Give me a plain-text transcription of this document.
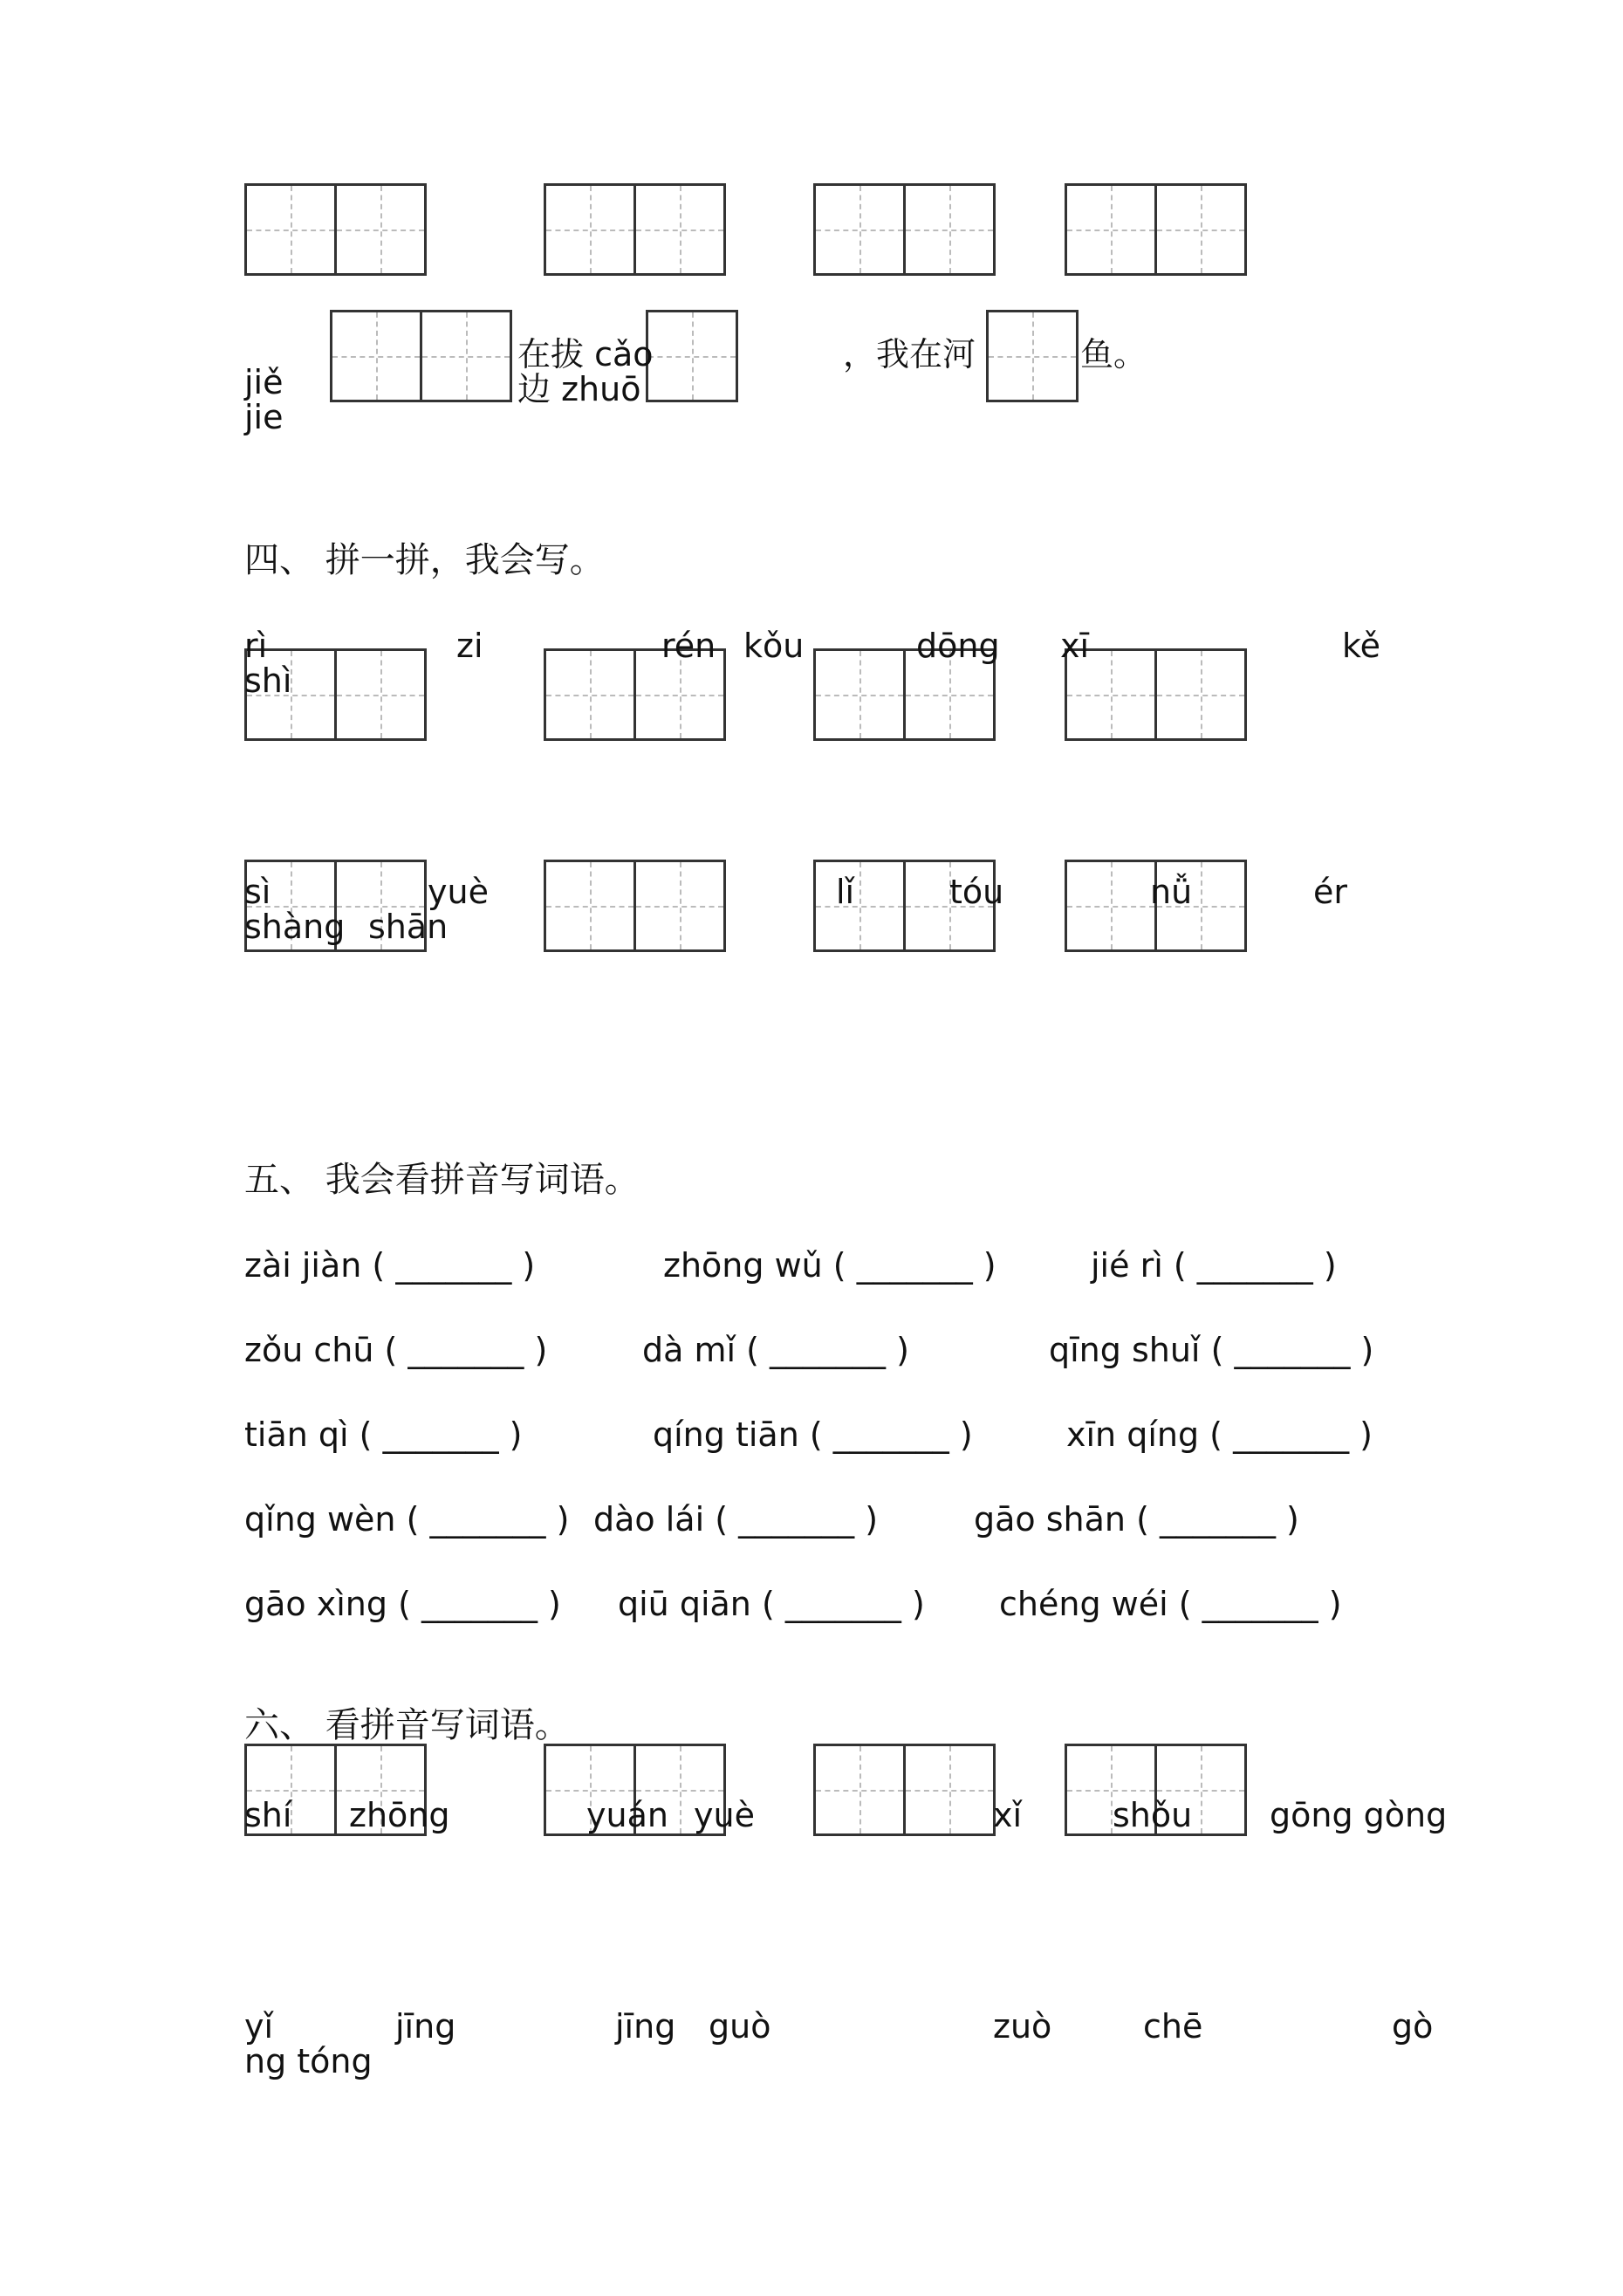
jiě
jie
在拔 cǎo
边 zhuō
，我在河	鱼。
四、 拼一拼，我会写。
rì
shì
zi	rén kǒu	dōng xī	kě
sì
shàng
yuè
shān
lǐ	tóu	nǚ	ér
五、 我会看拼音写词语。
zài jiàn ( _______ )	zhōng wǔ ( _______ )	jié rì ( _______ )
zǒu chū ( _______ )	dà mǐ ( _______ )	qīng shuǐ ( _______ )
tiān qì ( _______ )	qíng tiān ( _______ )	xīn qíng ( _______ )
qǐng wèn ( _______ ) dào lái ( _______ )	gāo shān ( _______ )
gāo xìng ( _______ ) qiū qiān ( _______ ) chéng wéi ( _______ )
六、 看拼音写词语。
shí zhōng	yuán yuè	xǐ	shǒu gōng gòng
yǐ	jīng	jīng guò	zuò	chē	gò
ng tóng
